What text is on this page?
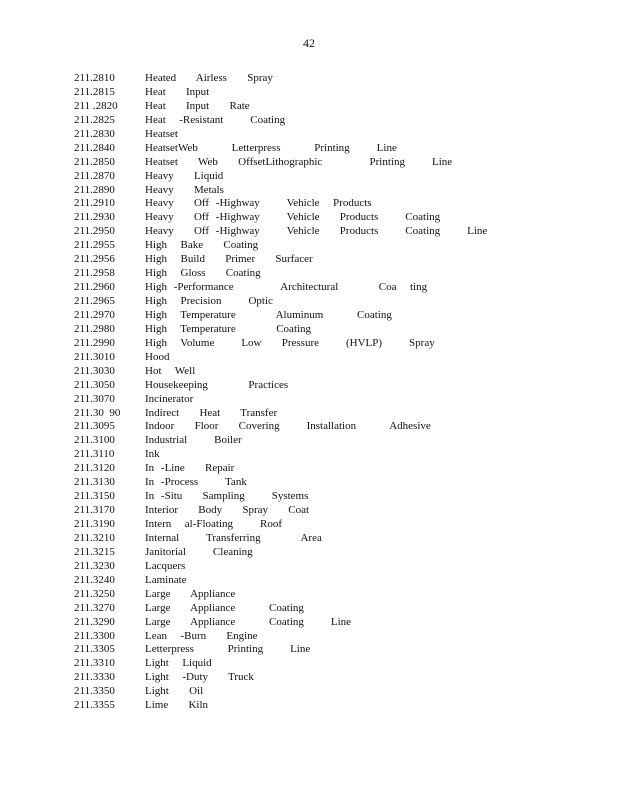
42
211.2810	Heated   Airless   Spray
211.2815	Heat   Input
211 .2820	Heat   Input   Rate
211.2825	Heat  -Resistant    Coating
211.2830	Heatset
211.2840	HeatsetWeb     Letterpress     Printing    Line
211.2850	Heatset   Web   OffsetLithographic       Printing    Line
211.2870	Heavy   Liquid
211.2890	Heavy   Metals
211.2910	Heavy   Off -Highway    Vehicle  Products
211.2930	Heavy   Off -Highway    Vehicle   Products    Coating
211.2950	Heavy   Off -Highway    Vehicle   Products    Coating    Line
211.2955	High  Bake   Coating
211.2956	High  Build   Primer   Surfacer
211.2958	High  Gloss   Coating
211.2960	High -Performance       Architectural      Coa  ting
211.2965	High  Precision    Optic
211.2970	High  Temperature      Aluminum     Coating
211.2980	High  Temperature      Coating
211.2990	High  Volume    Low   Pressure    (HVLP)    Spray
211.3010	Hood
211.3030	Hot  Well
211.3050	Housekeeping      Practices
211.3070	Incinerator
211.30  90	Indirect   Heat   Transfer
211.3095	Indoor   Floor   Covering    Installation     Adhesive
211.3100	Industrial    Boiler
211.3110	Ink
211.3120	In -Line   Repair
211.3130	In -Process    Tank
211.3150	In -Situ   Sampling    Systems
211.3170	Interior   Body   Spray   Coat
211.3190	Intern  al-Floating    Roof
211.3210	Internal    Transferring      Area
211.3215	Janitorial    Cleaning
211.3230	Lacquers
211.3240	Laminate
211.3250	Large   Appliance
211.3270	Large   Appliance     Coating
211.3290	Large   Appliance     Coating    Line
211.3300	Lean  -Burn   Engine
211.3305	Letterpress     Printing    Line
211.3310	Light  Liquid
211.3330	Light  -Duty   Truck
211.3350	Light   Oil
211.3355	Lime   Kiln
